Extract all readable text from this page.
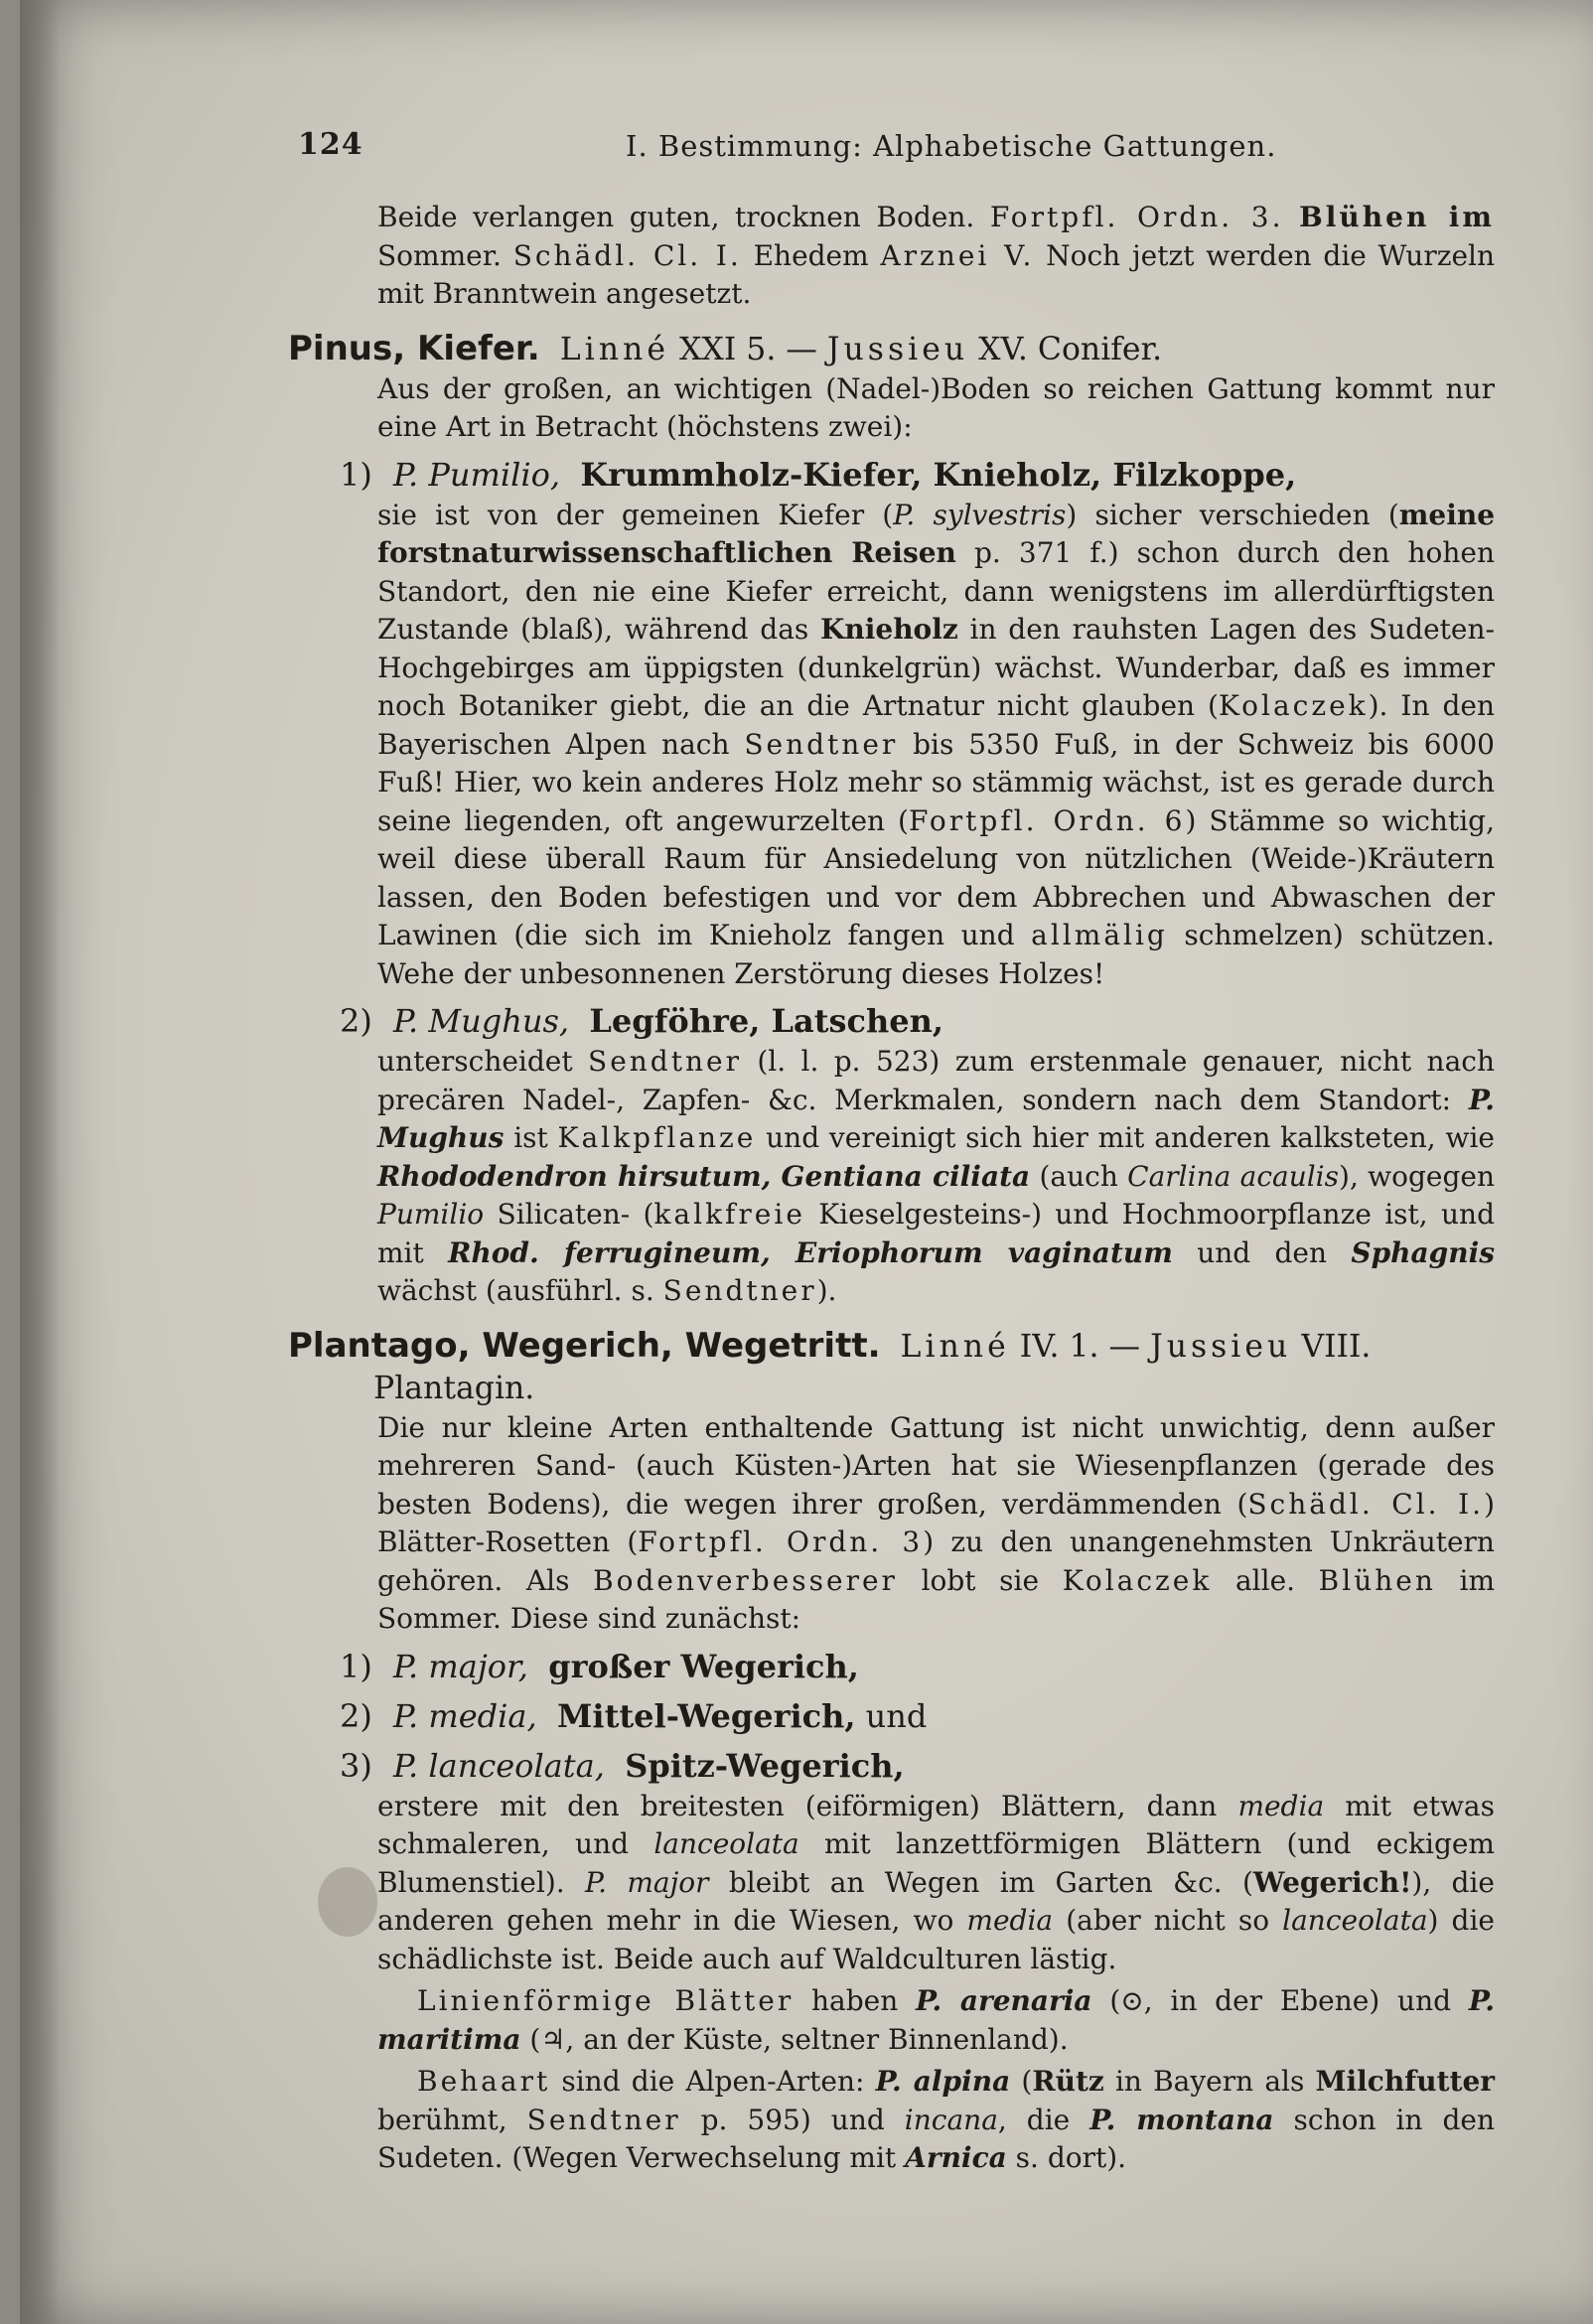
124	I. Bestimmung: Alphabetische Gattungen.

Beide verlangen guten, trocknen Boden. Fortpfl. Ordn. 3. Blühen im Sommer. Schädl. Cl. I. Ehedem Arznei V. Noch jetzt werden die Wurzeln mit Branntwein angesetzt.

Pinus, Kiefer. Linné XXI 5. — Jussieu XV. Conifer.

Aus der großen, an wichtigen (Nadel-)Boden so reichen Gattung kommt nur eine Art in Betracht (höchstens zwei):

1) P. Pumilio, Krummholz-Kiefer, Knieholz, Filzkoppe,

sie ist von der gemeinen Kiefer (P. sylvestris) sicher verschieden (meine forstnaturwissenschaftlichen Reisen p. 371 f.) schon durch den hohen Standort, den nie eine Kiefer erreicht, dann wenigstens im allerdürftigsten Zustande (blaß), während das Knieholz in den rauhsten Lagen des Sudeten-Hochgebirges am üppigsten (dunkelgrün) wächst. Wunderbar, daß es immer noch Botaniker giebt, die an die Artnatur nicht glauben (Kolaczek). In den Bayerischen Alpen nach Sendtner bis 5350 Fuß, in der Schweiz bis 6000 Fuß! Hier, wo kein anderes Holz mehr so stämmig wächst, ist es gerade durch seine liegenden, oft angewurzelten (Fortpfl. Ordn. 6) Stämme so wichtig, weil diese überall Raum für Ansiedelung von nützlichen (Weide-)Kräutern lassen, den Boden befestigen und vor dem Abbrechen und Abwaschen der Lawinen (die sich im Knieholz fangen und allmälig schmelzen) schützen. Wehe der unbesonnenen Zerstörung dieses Holzes!

2) P. Mughus, Legföhre, Latschen,

unterscheidet Sendtner (l. l. p. 523) zum erstenmale genauer, nicht nach precären Nadel-, Zapfen- &c. Merkmalen, sondern nach dem Standort: P. Mughus ist Kalkpflanze und vereinigt sich hier mit anderen kalksteten, wie Rhododendron hirsutum, Gentiana ciliata (auch Carlina acaulis), wogegen Pumilio Silicaten- (kalkfreie Kieselgesteins-) und Hochmoorpflanze ist, und mit Rhod. ferrugineum, Eriophorum vaginatum und den Sphagnis wächst (ausführl. s. Sendtner).

Plantago, Wegerich, Wegetritt. Linné IV. 1. — Jussieu VIII.

Plantagin.

Die nur kleine Arten enthaltende Gattung ist nicht unwichtig, denn außer mehreren Sand- (auch Küsten-)Arten hat sie Wiesenpflanzen (gerade des besten Bodens), die wegen ihrer großen, verdämmenden (Schädl. Cl. I.) Blätter-Rosetten (Fortpfl. Ordn. 3) zu den unangenehmsten Unkräutern gehören. Als Bodenverbesserer lobt sie Kolaczek alle. Blühen im Sommer. Diese sind zunächst:

1) P. major, großer Wegerich,

2) P. media, Mittel-Wegerich, und

3) P. lanceolata, Spitz-Wegerich,

erstere mit den breitesten (eiförmigen) Blättern, dann media mit etwas schmaleren, und lanceolata mit lanzettförmigen Blättern (und eckigem Blumenstiel). P. major bleibt an Wegen im Garten &c. (Wegerich!), die anderen gehen mehr in die Wiesen, wo media (aber nicht so lanceolata) die schädlichste ist. Beide auch auf Waldculturen lästig.

Linienförmige Blätter haben P. arenaria (⊙, in der Ebene) und P. maritima (♃, an der Küste, seltner Binnenland).

Behaart sind die Alpen-Arten: P. alpina (Rütz in Bayern als Milchfutter berühmt, Sendtner p. 595) und incana, die P. montana schon in den Sudeten. (Wegen Verwechselung mit Arnica s. dort).
